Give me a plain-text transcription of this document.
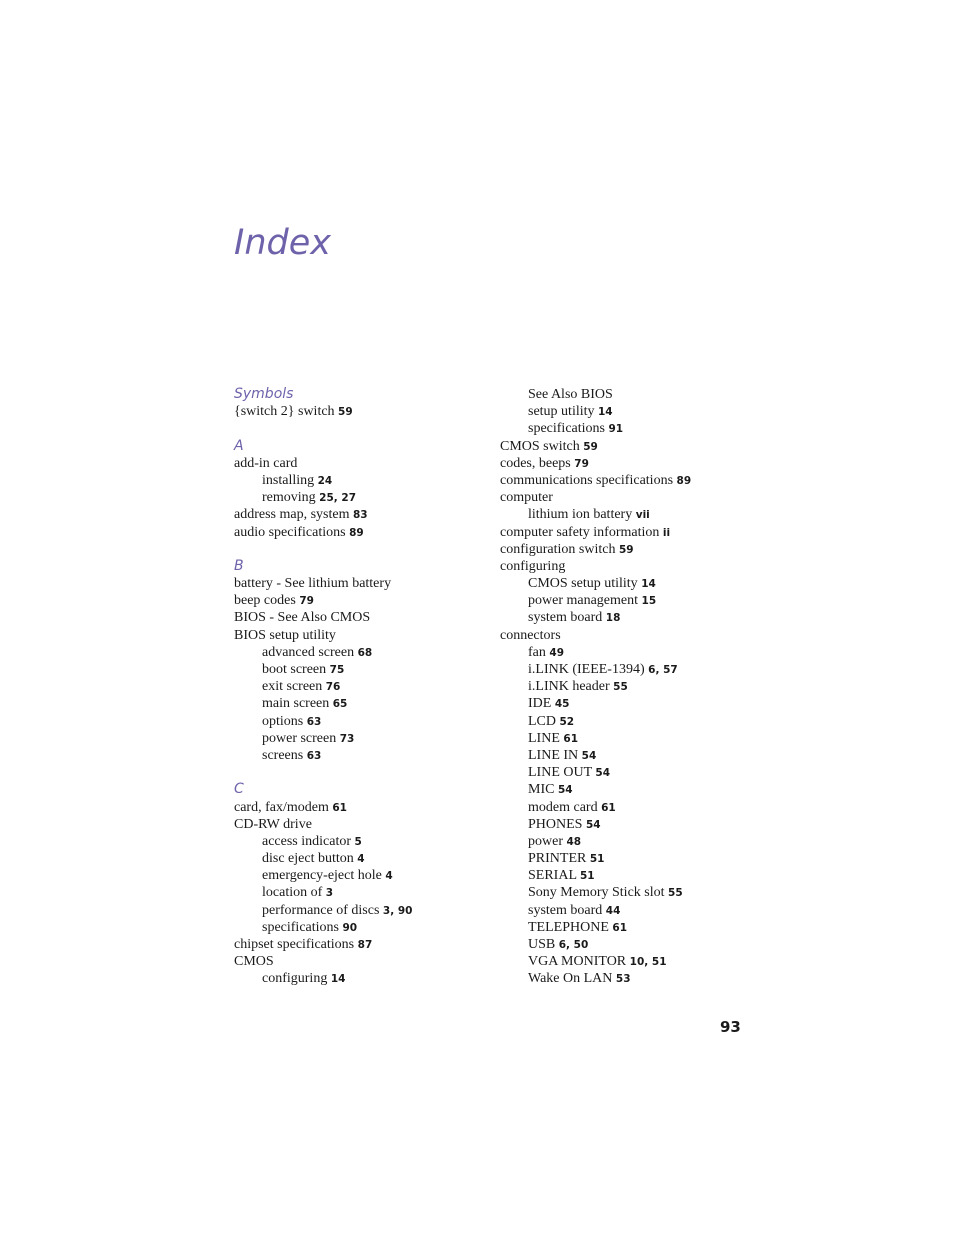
Index
Symbols
{switch 2} switch 59
A
add-in card
installing 24
removing 25, 27
address map, system 83
audio specifications 89
B
battery - See lithium battery
beep codes 79
BIOS - See Also CMOS
BIOS setup utility
advanced screen 68
boot screen 75
exit screen 76
main screen 65
options 63
power screen 73
screens 63
C
card, fax/modem 61
CD-RW drive
access indicator 5
disc eject button 4
emergency-eject hole 4
location of 3
performance of discs 3, 90
specifications 90
chipset specifications 87
CMOS
configuring 14
See Also BIOS
setup utility 14
specifications 91
CMOS switch 59
codes, beeps 79
communications specifications 89
computer
lithium ion battery vii
computer safety information ii
configuration switch 59
configuring
CMOS setup utility 14
power management 15
system board 18
connectors
fan 49
i.LINK (IEEE-1394) 6, 57
i.LINK header 55
IDE 45
LCD 52
LINE 61
LINE IN 54
LINE OUT 54
MIC 54
modem card 61
PHONES 54
power 48
PRINTER 51
SERIAL 51
Sony Memory Stick slot 55
system board 44
TELEPHONE 61
USB 6, 50
VGA MONITOR 10, 51
Wake On LAN 53
93
